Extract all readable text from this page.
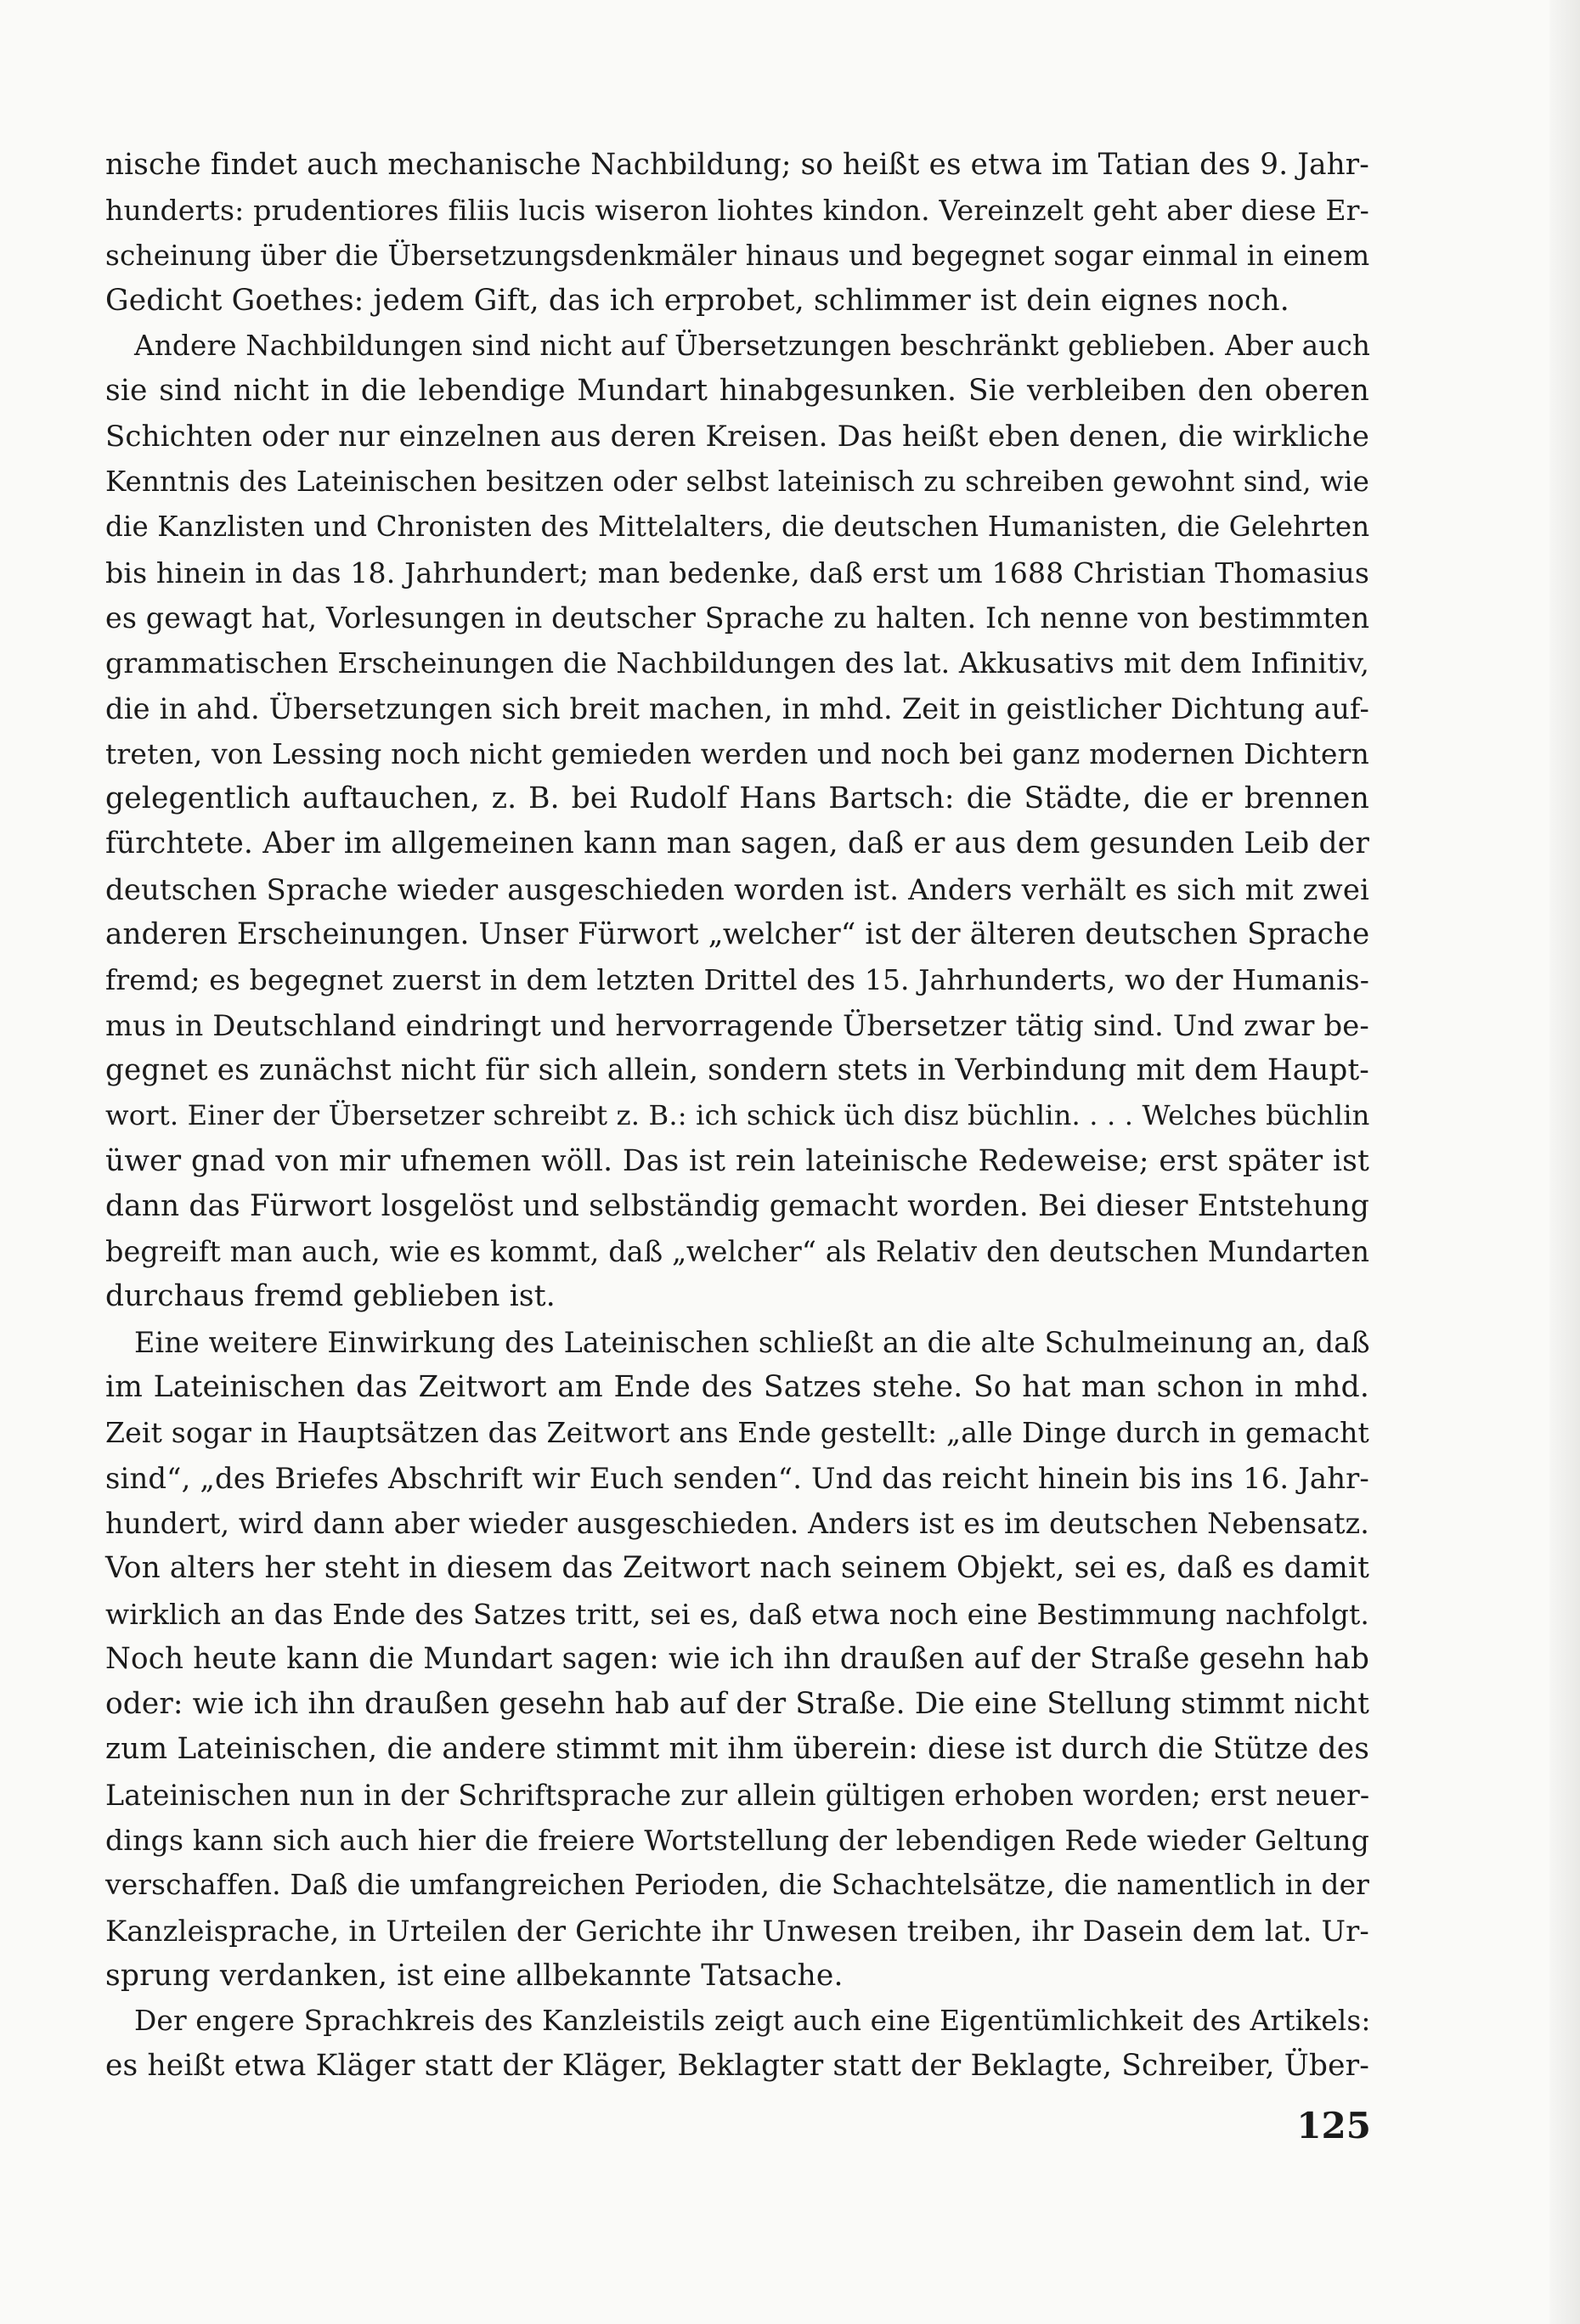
nische findet auch mechanische Nachbildung; so heißt es etwa im Tatian des 9. Jahr-
hunderts: prudentiores filiis lucis wiseron liohtes kindon. Vereinzelt geht aber diese Er-
scheinung über die Übersetzungsdenkmäler hinaus und begegnet sogar einmal in einem
Gedicht Goethes: jedem Gift, das ich erprobet, schlimmer ist dein eignes noch.
Andere Nachbildungen sind nicht auf Übersetzungen beschränkt geblieben. Aber auch
sie sind nicht in die lebendige Mundart hinabgesunken. Sie verbleiben den oberen
Schichten oder nur einzelnen aus deren Kreisen. Das heißt eben denen, die wirkliche
Kenntnis des Lateinischen besitzen oder selbst lateinisch zu schreiben gewohnt sind, wie
die Kanzlisten und Chronisten des Mittelalters, die deutschen Humanisten, die Gelehrten
bis hinein in das 18. Jahrhundert; man bedenke, daß erst um 1688 Christian Thomasius
es gewagt hat, Vorlesungen in deutscher Sprache zu halten. Ich nenne von bestimmten
grammatischen Erscheinungen die Nachbildungen des lat. Akkusativs mit dem Infinitiv,
die in ahd. Übersetzungen sich breit machen, in mhd. Zeit in geistlicher Dichtung auf-
treten, von Lessing noch nicht gemieden werden und noch bei ganz modernen Dichtern
gelegentlich auftauchen, z. B. bei Rudolf Hans Bartsch: die Städte, die er brennen
fürchtete. Aber im allgemeinen kann man sagen, daß er aus dem gesunden Leib der
deutschen Sprache wieder ausgeschieden worden ist. Anders verhält es sich mit zwei
anderen Erscheinungen. Unser Fürwort „welcher“ ist der älteren deutschen Sprache
fremd; es begegnet zuerst in dem letzten Drittel des 15. Jahrhunderts, wo der Humanis-
mus in Deutschland eindringt und hervorragende Übersetzer tätig sind. Und zwar be-
gegnet es zunächst nicht für sich allein, sondern stets in Verbindung mit dem Haupt-
wort. Einer der Übersetzer schreibt z. B.: ich schick üch disz büchlin. . . . Welches büchlin
üwer gnad von mir ufnemen wöll. Das ist rein lateinische Redeweise; erst später ist
dann das Fürwort losgelöst und selbständig gemacht worden. Bei dieser Entstehung
begreift man auch, wie es kommt, daß „welcher“ als Relativ den deutschen Mundarten
durchaus fremd geblieben ist.
Eine weitere Einwirkung des Lateinischen schließt an die alte Schulmeinung an, daß
im Lateinischen das Zeitwort am Ende des Satzes stehe. So hat man schon in mhd.
Zeit sogar in Hauptsätzen das Zeitwort ans Ende gestellt: „alle Dinge durch in gemacht
sind“, „des Briefes Abschrift wir Euch senden“. Und das reicht hinein bis ins 16. Jahr-
hundert, wird dann aber wieder ausgeschieden. Anders ist es im deutschen Nebensatz.
Von alters her steht in diesem das Zeitwort nach seinem Objekt, sei es, daß es damit
wirklich an das Ende des Satzes tritt, sei es, daß etwa noch eine Bestimmung nachfolgt.
Noch heute kann die Mundart sagen: wie ich ihn draußen auf der Straße gesehn hab
oder: wie ich ihn draußen gesehn hab auf der Straße. Die eine Stellung stimmt nicht
zum Lateinischen, die andere stimmt mit ihm überein: diese ist durch die Stütze des
Lateinischen nun in der Schriftsprache zur allein gültigen erhoben worden; erst neuer-
dings kann sich auch hier die freiere Wortstellung der lebendigen Rede wieder Geltung
verschaffen. Daß die umfangreichen Perioden, die Schachtelsätze, die namentlich in der
Kanzleisprache, in Urteilen der Gerichte ihr Unwesen treiben, ihr Dasein dem lat. Ur-
sprung verdanken, ist eine allbekannte Tatsache.
Der engere Sprachkreis des Kanzleistils zeigt auch eine Eigentümlichkeit des Artikels:
es heißt etwa Kläger statt der Kläger, Beklagter statt der Beklagte, Schreiber, Über-
125
